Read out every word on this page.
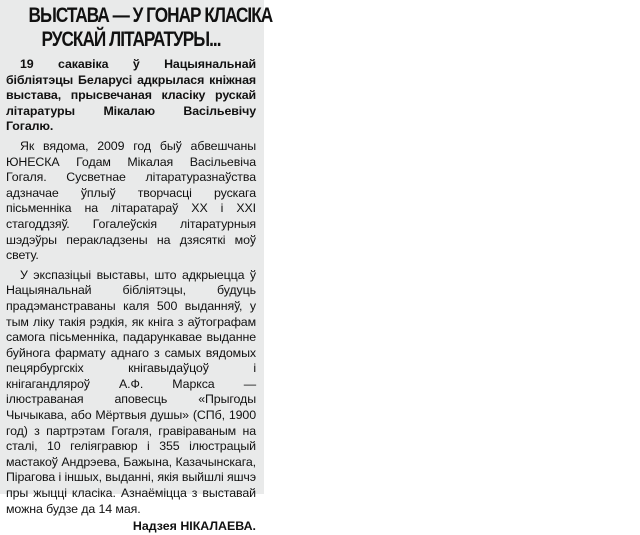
ВЫСТАВА — У ГОНАР КЛАСІКА
РУСКАЙ ЛІТАРАТУРЫ...

19 сакавіка ў Нацыянальнай бібліятэцы Беларусі адкрылася кніжная выстава, прысвечаная класіку рускай літаратуры Мікалаю Васільевічу Гогалю.

Як вядома, 2009 год быў абвешчаны ЮНЕСКА Годам Мікалая Васільевіча Гогаля. Сусветнае літаратуразнаўства адзначае ўплыў творчасці рускага пісьменніка на літаратараў XX і XXI стагоддзяў. Гогалеўскія літаратурныя шэдэўры перакладзены на дзясяткі моў свету.

У экспазіцыі выставы, што адкрыецца ў Нацыянальнай бібліятэцы, будуць прадэманстраваны каля 500 выданняў, у тым ліку такія рэдкія, як кніга з аўтографам самога пісьменніка, падарункавае выданне буйнога фармату аднаго з самых вядомых пецярбургскіх кнігавыдаўцоў і кнігагандляроў А.Ф. Маркса — ілюстраваная аповесць «Прыгоды Чычыкава, або Мёртвыя душы» (СПб, 1900 год) з партрэтам Гогаля, гравіраваным на сталі, 10 геліягравюр і 355 ілюстрацый мастакоў Андрэева, Бажына, Казачынскага, Пірагова і іншых, выданні, якія выйшлі яшчэ пры жыцці класіка. Азнаёміцца з выставай можна будзе да 14 мая.

Надзея НІКАЛАЕВА.
